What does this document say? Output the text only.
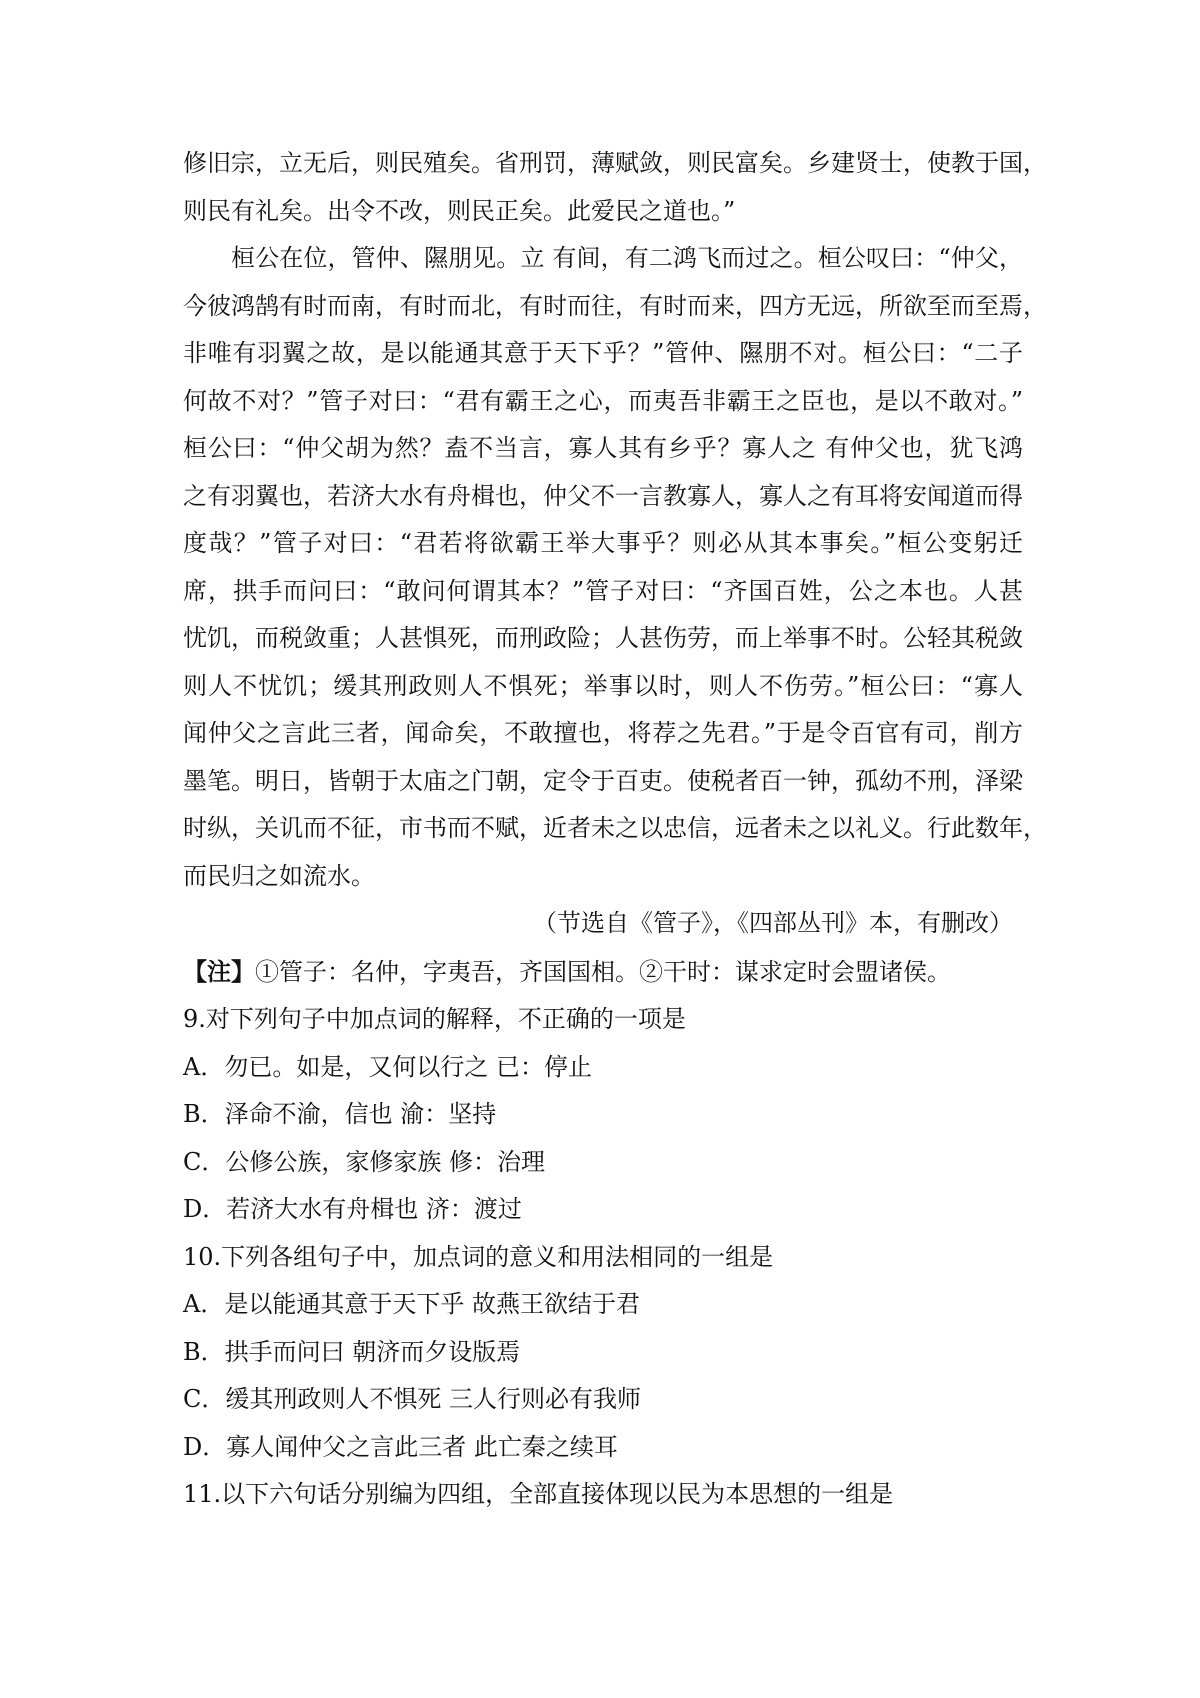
修旧宗，立无后，则民殖矣。省刑罚，薄赋敛，则民富矣。乡建贤士，使教于国，

则民有礼矣。出令不改，则民正矣。此爱民之道也。”

桓公在位，管仲、隰朋见。立 有间，有二鸿飞而过之。桓公叹曰：“仲父，

今彼鸿鹄有时而南，有时而北，有时而往，有时而来，四方无远，所欲至而至焉，

非唯有羽翼之故，是以能通其意于天下乎？”管仲、隰朋不对。桓公曰：“二子

何故不对？”管子对曰：“君有霸王之心，而夷吾非霸王之臣也，是以不敢对。”

桓公曰：“仲父胡为然？盍不当言，寡人其有乡乎？寡人之 有仲父也，犹飞鸿

之有羽翼也，若济大水有舟楫也，仲父不一言教寡人，寡人之有耳将安闻道而得

度哉？”管子对曰：“君若将欲霸王举大事乎？则必从其本事矣。”桓公变躬迁

席，拱手而问曰：“敢问何谓其本？”管子对曰：“齐国百姓，公之本也。人甚

忧饥，而税敛重；人甚惧死，而刑政险；人甚伤劳，而上举事不时。公轻其税敛

则人不忧饥；缓其刑政则人不惧死；举事以时，则人不伤劳。”桓公曰：“寡人

闻仲父之言此三者，闻命矣，不敢擅也，将荐之先君。”于是令百官有司，削方

墨笔。明日，皆朝于太庙之门朝，定令于百吏。使税者百一钟，孤幼不刑，泽梁

时纵，关讥而不征，市书而不赋，近者未之以忠信，远者未之以礼义。行此数年，

而民归之如流水。

（节选自《管子》，《四部丛刊》本，有删改）

【注】①管子：名仲，字夷吾，齐国国相。②干时：谋求定时会盟诸侯。

9.对下列句子中加点词的解释，不正确的一项是

A．勿已。如是，又何以行之 已：停止

B．泽命不渝，信也 渝：坚持

C．公修公族，家修家族 修：治理

D．若济大水有舟楫也 济：渡过

10.下列各组句子中，加点词的意义和用法相同的一组是

A．是以能通其意于天下乎 故燕王欲结于君

B．拱手而问曰 朝济而夕设版焉

C．缓其刑政则人不惧死 三人行则必有我师

D．寡人闻仲父之言此三者 此亡秦之续耳

11.以下六句话分别编为四组，全部直接体现以民为本思想的一组是
